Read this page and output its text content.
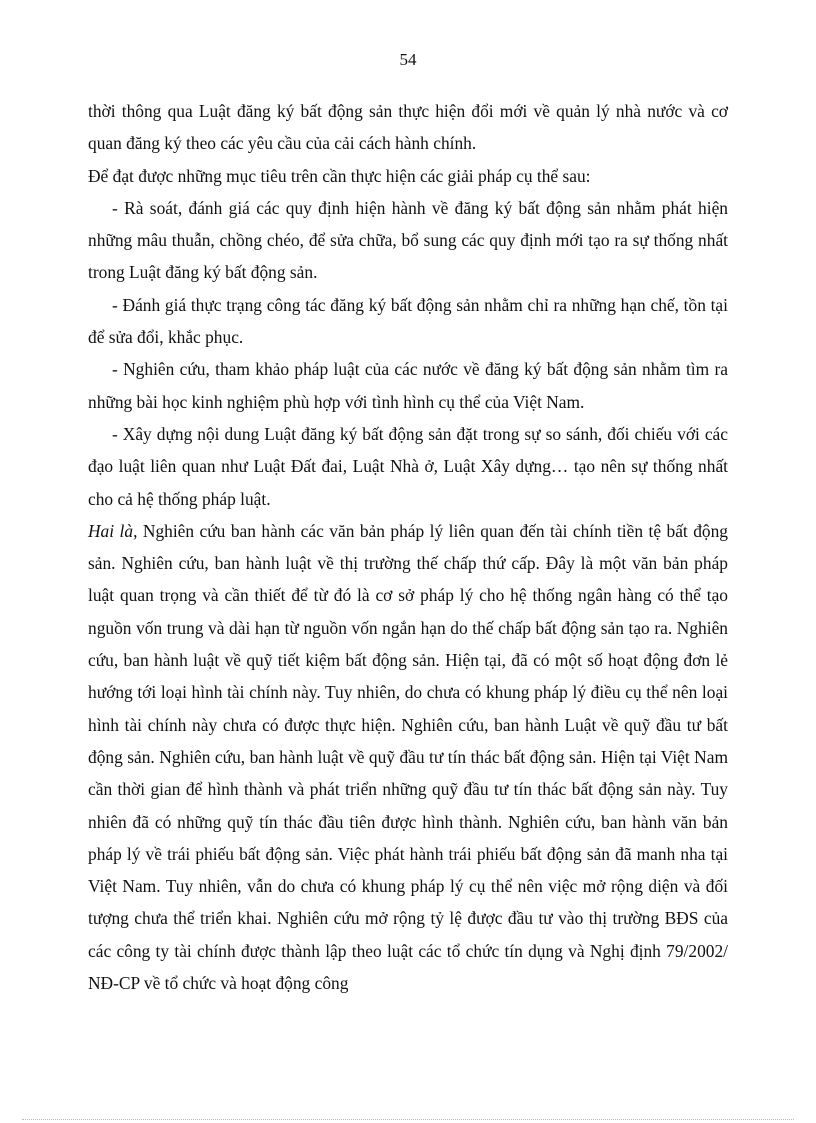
54

thời thông qua Luật đăng ký bất động sản thực hiện đổi mới về quản lý nhà nước và cơ quan đăng ký theo các yêu cầu của cải cách hành chính.

Để đạt được những mục tiêu trên cần thực hiện các giải pháp cụ thể sau:

- Rà soát, đánh giá các quy định hiện hành về đăng ký bất động sản nhằm phát hiện những mâu thuẫn, chồng chéo, để sửa chữa, bổ sung các quy định mới tạo ra sự thống nhất trong Luật đăng ký bất động sản.

- Đánh giá thực trạng công tác đăng ký bất động sản nhằm chỉ ra những hạn chế, tồn tại để sửa đổi, khắc phục.

- Nghiên cứu, tham khảo pháp luật của các nước về đăng ký bất động sản nhằm tìm ra những bài học kinh nghiệm phù hợp với tình hình cụ thể của Việt Nam.

- Xây dựng nội dung Luật đăng ký bất động sản đặt trong sự so sánh, đối chiếu với các đạo luật liên quan như Luật Đất đai, Luật Nhà ở, Luật Xây dựng… tạo nên sự thống nhất cho cả hệ thống pháp luật.

Hai là, Nghiên cứu ban hành các văn bản pháp lý liên quan đến tài chính tiền tệ bất động sản. Nghiên cứu, ban hành luật về thị trường thế chấp thứ cấp. Đây là một văn bản pháp luật quan trọng và cần thiết để từ đó là cơ sở pháp lý cho hệ thống ngân hàng có thể tạo nguồn vốn trung và dài hạn từ nguồn vốn ngắn hạn do thế chấp bất động sản tạo ra. Nghiên cứu, ban hành luật về quỹ tiết kiệm bất động sản. Hiện tại, đã có một số hoạt động đơn lẻ hướng tới loại hình tài chính này. Tuy nhiên, do chưa có khung pháp lý điều cụ thể nên loại hình tài chính này chưa có được thực hiện. Nghiên cứu, ban hành Luật về quỹ đầu tư bất động sản. Nghiên cứu, ban hành luật về quỹ đầu tư tín thác bất động sản. Hiện tại Việt Nam cần thời gian để hình thành và phát triển những quỹ đầu tư tín thác bất động sản này. Tuy nhiên đã có những quỹ tín thác đầu tiên được hình thành. Nghiên cứu, ban hành văn bản pháp lý về trái phiếu bất động sản. Việc phát hành trái phiếu bất động sản đã manh nha tại Việt Nam. Tuy nhiên, vẫn do chưa có khung pháp lý cụ thể nên việc mở rộng diện và đối tượng chưa thể triển khai. Nghiên cứu mở rộng tỷ lệ được đầu tư vào thị trường BĐS của các công ty tài chính được thành lập theo luật các tổ chức tín dụng và Nghị định 79/2002/ NĐ-CP về tổ chức và hoạt động công
